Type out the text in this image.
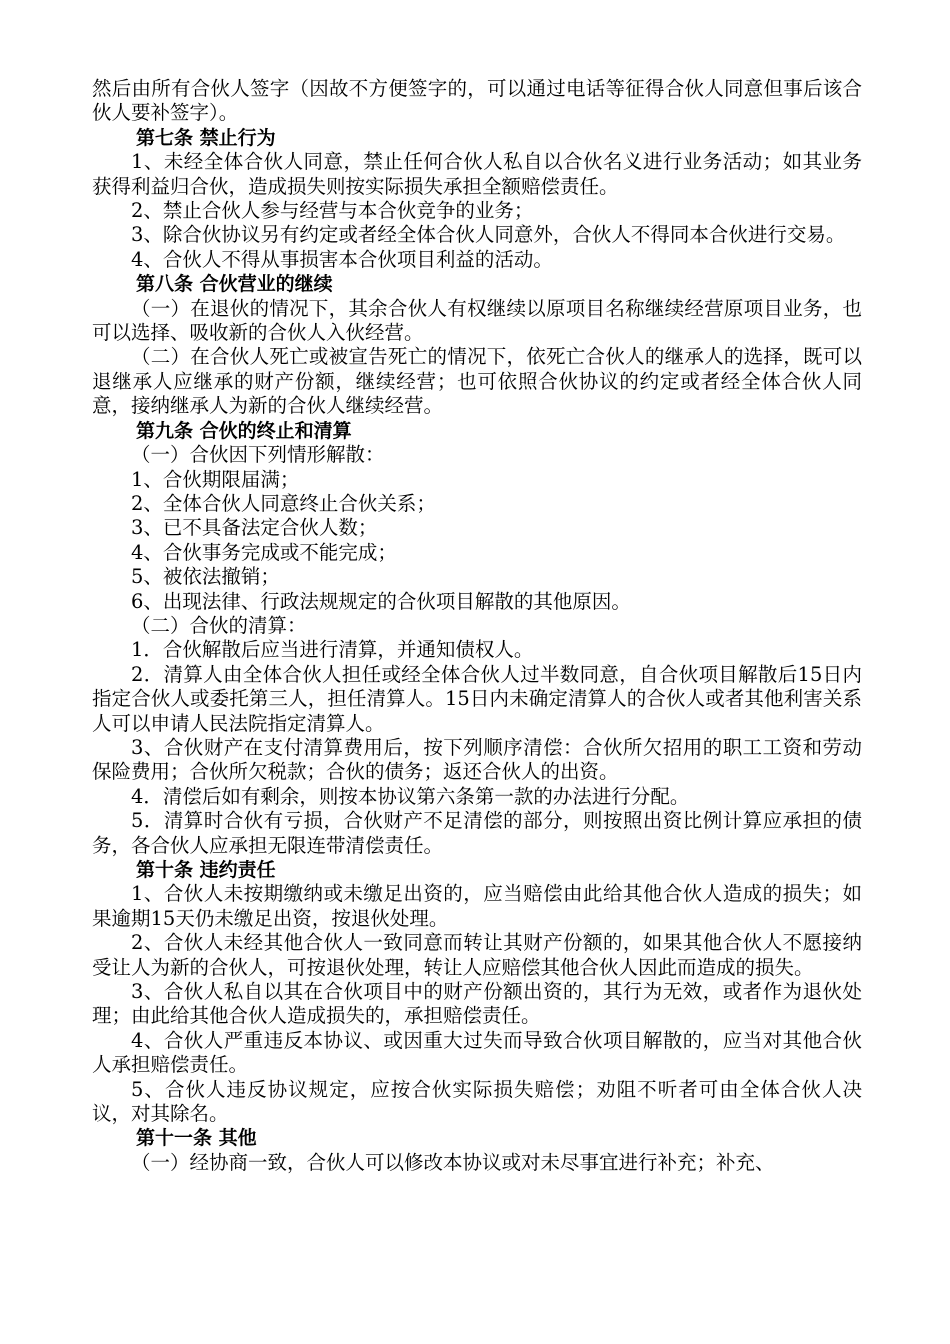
然后由所有合伙人签字（因故不方便签字的，可以通过电话等征得合伙人同意但事后该合伙人要补签字）。

第七条 禁止行为

1、未经全体合伙人同意，禁止任何合伙人私自以合伙名义进行业务活动；如其业务获得利益归合伙，造成损失则按实际损失承担全额赔偿责任。

2、禁止合伙人参与经营与本合伙竞争的业务；

3、除合伙协议另有约定或者经全体合伙人同意外，合伙人不得同本合伙进行交易。

4、合伙人不得从事损害本合伙项目利益的活动。

第八条 合伙营业的继续

（一）在退伙的情况下，其余合伙人有权继续以原项目名称继续经营原项目业务，也可以选择、吸收新的合伙人入伙经营。

（二）在合伙人死亡或被宣告死亡的情况下，依死亡合伙人的继承人的选择，既可以退继承人应继承的财产份额，继续经营；也可依照合伙协议的约定或者经全体合伙人同意，接纳继承人为新的合伙人继续经营。

第九条 合伙的终止和清算

（一）合伙因下列情形解散：

1、合伙期限届满；

2、全体合伙人同意终止合伙关系；

3、已不具备法定合伙人数；

4、合伙事务完成或不能完成；

5、被依法撤销；

6、出现法律、行政法规规定的合伙项目解散的其他原因。

（二）合伙的清算：

1．合伙解散后应当进行清算，并通知债权人。

2．清算人由全体合伙人担任或经全体合伙人过半数同意，自合伙项目解散后15日内指定合伙人或委托第三人，担任清算人。15日内未确定清算人的合伙人或者其他利害关系人可以申请人民法院指定清算人。

3、合伙财产在支付清算费用后，按下列顺序清偿：合伙所欠招用的职工工资和劳动保险费用；合伙所欠税款；合伙的债务；返还合伙人的出资。

4．清偿后如有剩余，则按本协议第六条第一款的办法进行分配。

5．清算时合伙有亏损，合伙财产不足清偿的部分，则按照出资比例计算应承担的债务，各合伙人应承担无限连带清偿责任。

第十条 违约责任

1、合伙人未按期缴纳或未缴足出资的，应当赔偿由此给其他合伙人造成的损失；如果逾期15天仍未缴足出资，按退伙处理。

2、合伙人未经其他合伙人一致同意而转让其财产份额的，如果其他合伙人不愿接纳受让人为新的合伙人，可按退伙处理，转让人应赔偿其他合伙人因此而造成的损失。

3、合伙人私自以其在合伙项目中的财产份额出资的，其行为无效，或者作为退伙处理；由此给其他合伙人造成损失的，承担赔偿责任。

4、合伙人严重违反本协议、或因重大过失而导致合伙项目解散的，应当对其他合伙人承担赔偿责任。

5、合伙人违反协议规定，应按合伙实际损失赔偿；劝阻不听者可由全体合伙人决议，对其除名。

第十一条 其他

（一）经协商一致，合伙人可以修改本协议或对未尽事宜进行补充；补充、
